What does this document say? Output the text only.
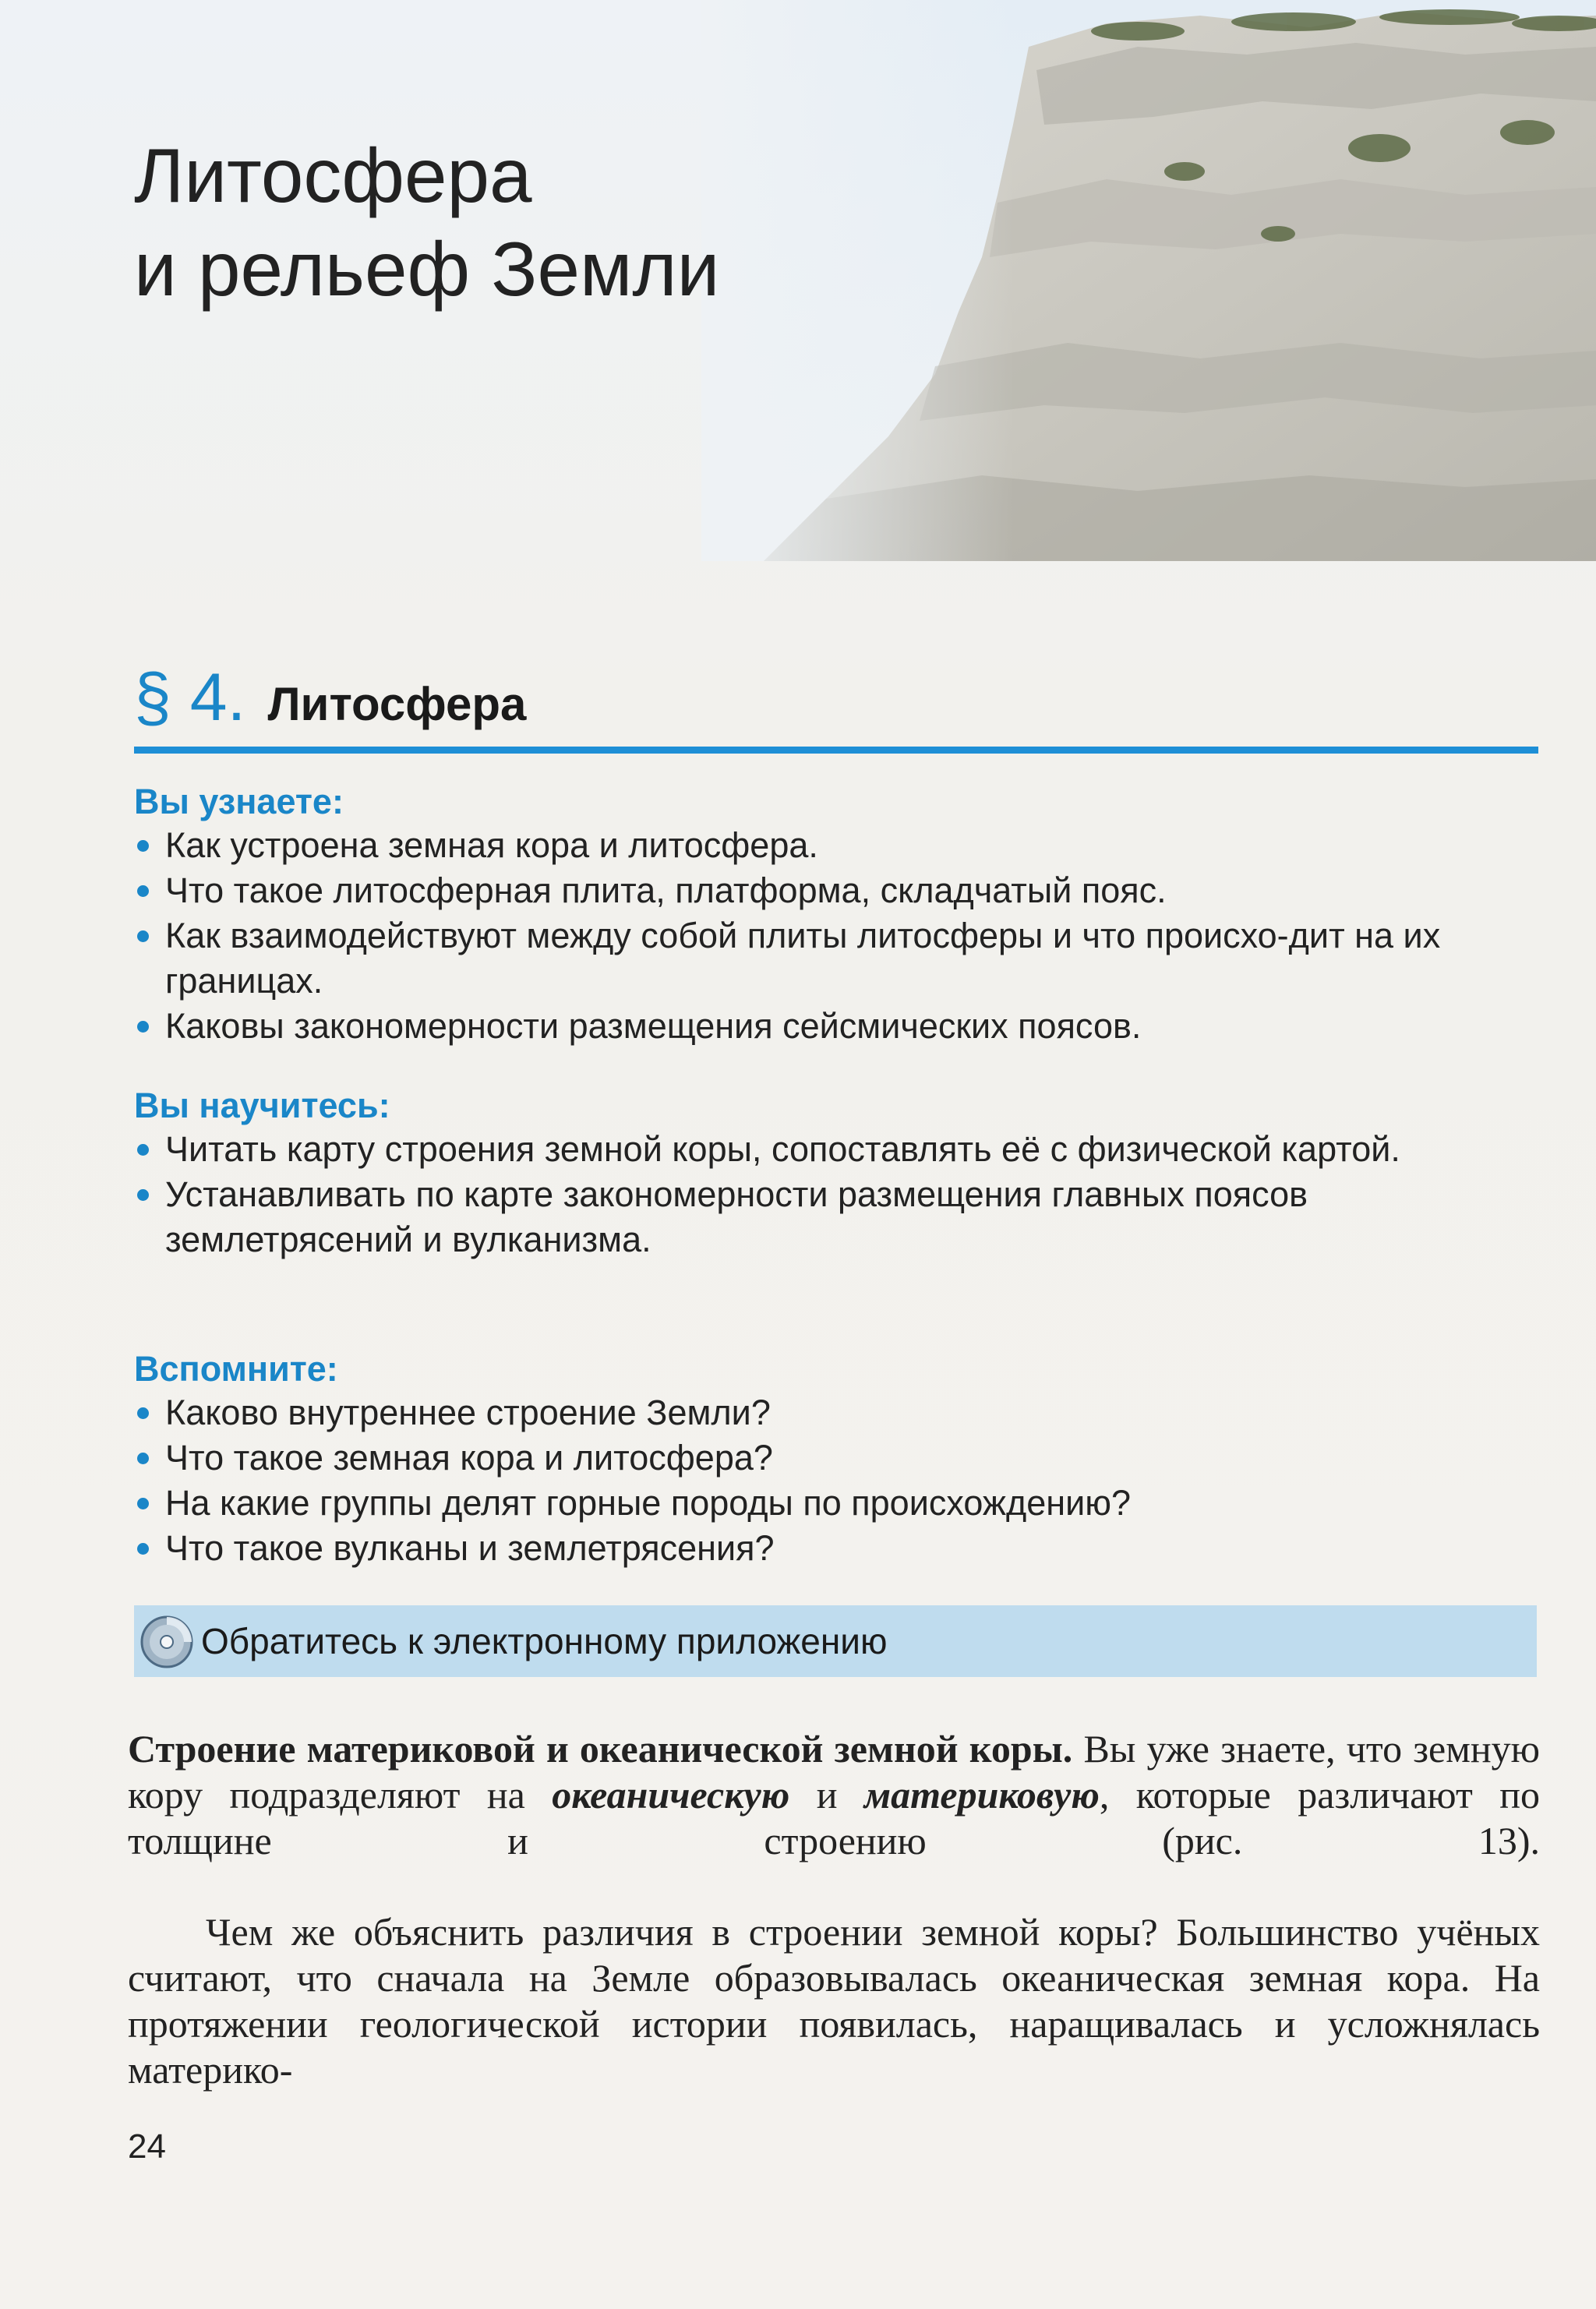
Литосфера
и рельеф Земли
§ 4. Литосфера
Вы узнаете:
Как устроена земная кора и литосфера.
Что такое литосферная плита, платформа, складчатый пояс.
Как взаимодействуют между собой плиты литосферы и что происхо-дит на их границах.
Каковы закономерности размещения сейсмических поясов.
Вы научитесь:
Читать карту строения земной коры, сопоставлять её с физической картой.
Устанавливать по карте закономерности размещения главных поясов землетрясений и вулканизма.
Вспомните:
Каково внутреннее строение Земли?
Что такое земная кора и литосфера?
На какие группы делят горные породы по происхождению?
Что такое вулканы и землетрясения?
Обратитесь к электронному приложению
Строение материковой и океанической земной коры. Вы уже знаете, что земную кору подразделяют на океаническую и материковую, которые различают по толщине и строению (рис. 13).
Чем же объяснить различия в строении земной коры? Большинство учёных считают, что сначала на Земле образовывалась океаническая земная кора. На протяжении геологической истории появилась, наращивалась и усложнялась материко-
24
